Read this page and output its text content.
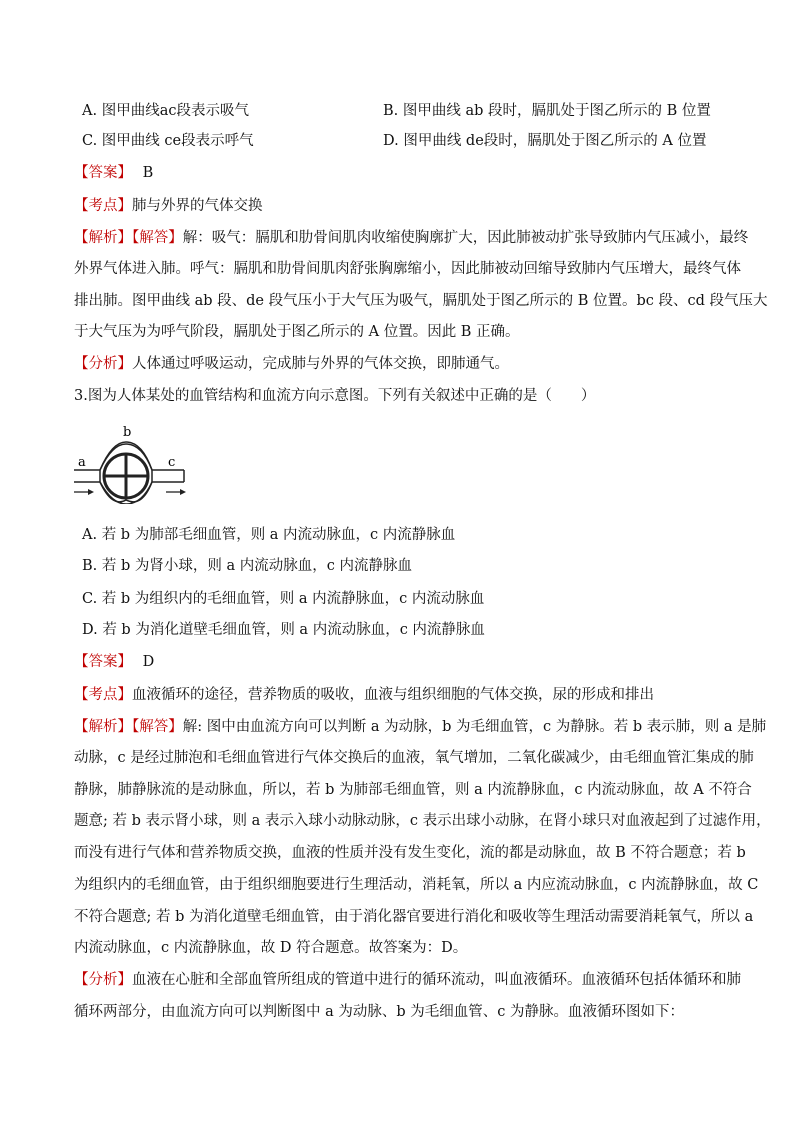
A. 图甲曲线ac段表示吸气	B. 图甲曲线 ab 段时，膈肌处于图乙所示的 B 位置
C. 图甲曲线 ce段表示呼气	D. 图甲曲线 de段时，膈肌处于图乙所示的 A 位置
【答案】 B
【考点】肺与外界的气体交换
【解析】【解答】解：吸气：膈肌和肋骨间肌肉收缩使胸廓扩大，因此肺被动扩张导致肺内气压减小，最终
外界气体进入肺。呼气：膈肌和肋骨间肌肉舒张胸廓缩小，因此肺被动回缩导致肺内气压增大，最终气体
排出肺。图甲曲线 ab 段、de 段气压小于大气压为吸气，膈肌处于图乙所示的 B 位置。bc 段、cd 段气压大
于大气压为为呼气阶段，膈肌处于图乙所示的 A 位置。因此 B 正确。
【分析】人体通过呼吸运动，完成肺与外界的气体交换，即肺通气。
3.图为人体某处的血管结构和血流方向示意图。下列有关叙述中正确的是（　　）
b
a	c
A. 若 b 为肺部毛细血管，则 a 内流动脉血，c 内流静脉血
B. 若 b 为肾小球，则 a 内流动脉血，c 内流静脉血
C. 若 b 为组织内的毛细血管，则 a 内流静脉血，c 内流动脉血
D. 若 b 为消化道壁毛细血管，则 a 内流动脉血，c 内流静脉血
【答案】 D
【考点】血液循环的途径，营养物质的吸收，血液与组织细胞的气体交换，尿的形成和排出
【解析】【解答】解: 图中由血流方向可以判断 a 为动脉，b 为毛细血管，c 为静脉。若 b 表示肺，则 a 是肺
动脉，c 是经过肺泡和毛细血管进行气体交换后的血液，氧气增加，二氧化碳减少，由毛细血管汇集成的肺
静脉，肺静脉流的是动脉血，所以，若 b 为肺部毛细血管，则 a 内流静脉血，c 内流动脉血，故 A 不符合
题意; 若 b 表示肾小球，则 a 表示入球小动脉动脉，c 表示出球小动脉，在肾小球只对血液起到了过滤作用，
而没有进行气体和营养物质交换，血液的性质并没有发生变化，流的都是动脉血，故 B 不符合题意；若 b
为组织内的毛细血管，由于组织细胞要进行生理活动，消耗氧，所以 a 内应流动脉血，c 内流静脉血，故 C
不符合题意; 若 b 为消化道壁毛细血管，由于消化器官要进行消化和吸收等生理活动需要消耗氧气，所以 a
内流动脉血，c 内流静脉血，故 D 符合题意。故答案为：D。
【分析】血液在心脏和全部血管所组成的管道中进行的循环流动，叫血液循环。血液循环包括体循环和肺
循环两部分，由血流方向可以判断图中 a 为动脉、b 为毛细血管、c 为静脉。血液循环图如下：
